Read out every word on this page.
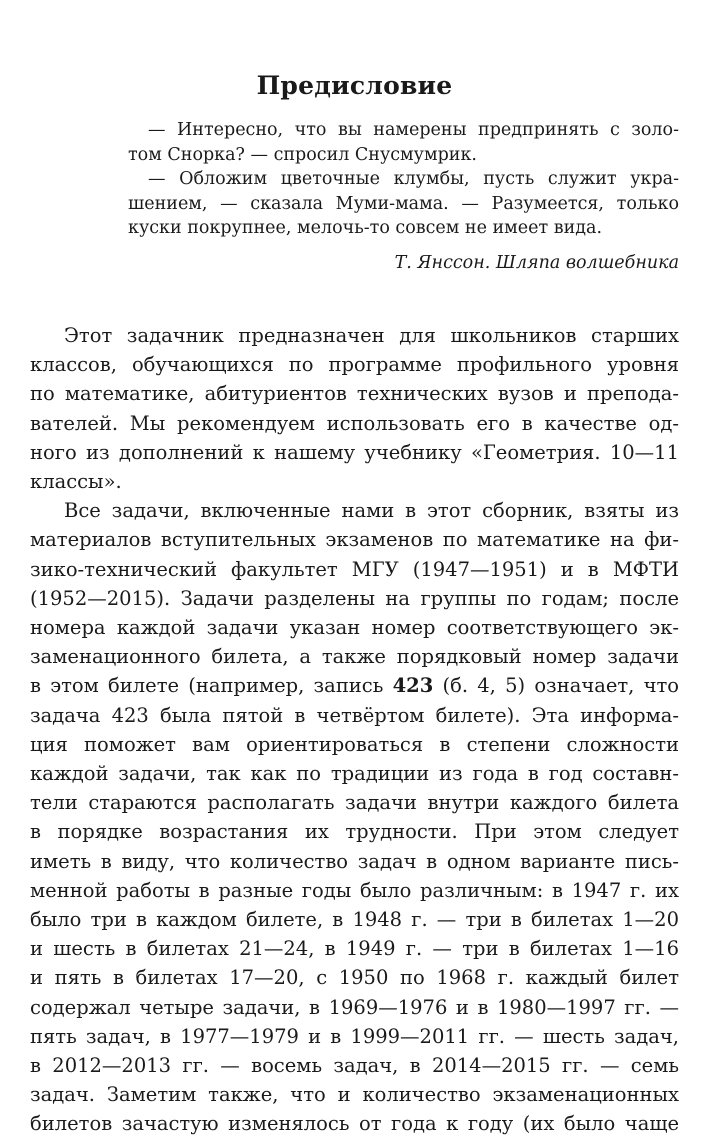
Предисловие

— Интересно, что вы намерены предпринять с золо-

том Снорка? — спросил Снусмумрик.

— Обложим цветочные клумбы, пусть служит укра-

шением, — сказала Муми-мама. — Разумеется, только

куски покрупнее, мелочь-то совсем не имеет вида.

Т. Янссон. Шляпа волшебника
Этот задачник предназначен для школьников старших
классов, обучающихся по программе профильного уровня
по математике, абитуриентов технических вузов и препода-
вателей. Мы рекомендуем использовать его в качестве од-
ного из дополнений к нашему учебнику «Геометрия. 10—11
классы».
Все задачи, включенные нами в этот сборник, взяты из
материалов вступительных экзаменов по математике на фи-
зико-технический факультет МГУ (1947—1951) и в МФТИ
(1952—2015). Задачи разделены на группы по годам; после
номера каждой задачи указан номер соответствующего эк-
заменационного билета, а также порядковый номер задачи
в этом билете (например, запись 423 (б. 4, 5) означает, что
задача 423 была пятой в четвёртом билете). Эта информа-
ция поможет вам ориентироваться в степени сложности
каждой задачи, так как по традиции из года в год составн-
тели стараются располагать задачи внутри каждого билета
в порядке возрастания их трудности. При этом следует
иметь в виду, что количество задач в одном варианте пись-
менной работы в разные годы было различным: в 1947 г. их
было три в каждом билете, в 1948 г. — три в билетах 1—20
и шесть в билетах 21—24, в 1949 г. — три в билетах 1—16
и пять в билетах 17—20, с 1950 по 1968 г. каждый билет
содержал четыре задачи, в 1969—1976 и в 1980—1997 гг. —
пять задач, в 1977—1979 и в 1999—2011 гг. — шесть задач,
в 2012—2013 гг. — восемь задач, в 2014—2015 гг. — семь
задач. Заметим также, что и количество экзаменационных
билетов зачастую изменялось от года к году (их было чаще
